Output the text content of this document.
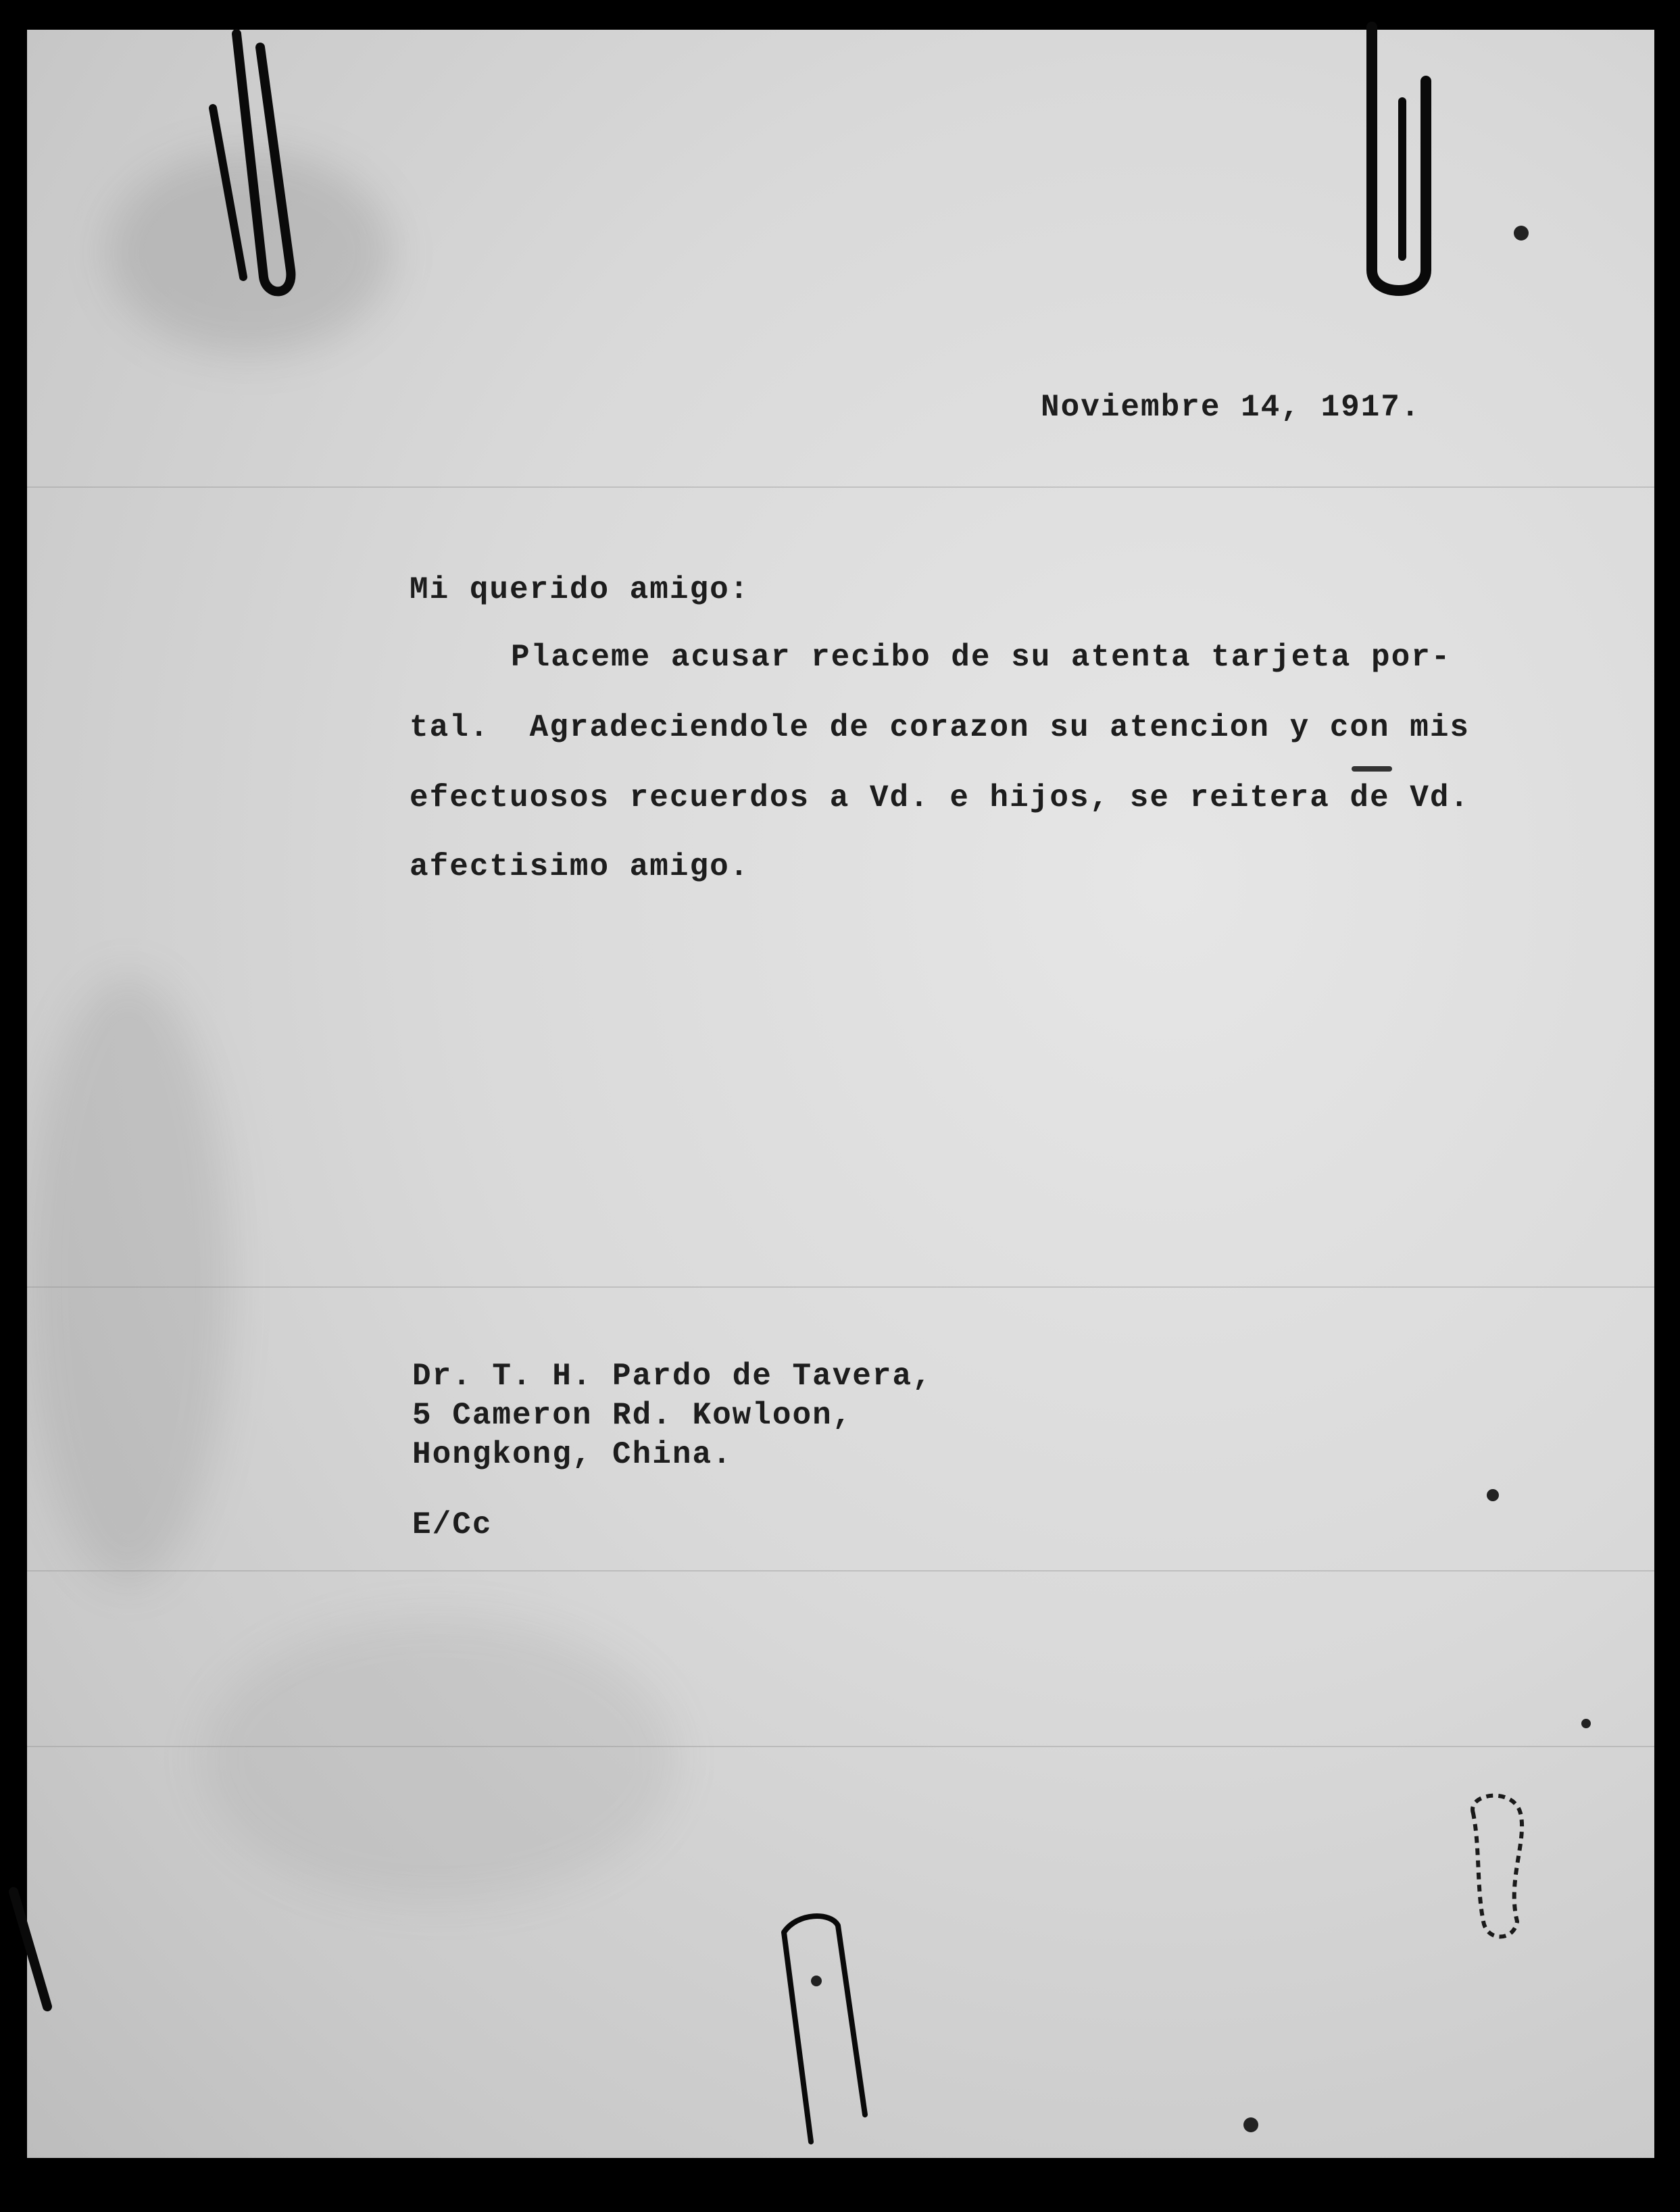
Noviembre 14, 1917.
Mi querido amigo:
Placeme acusar recibo de su atenta tarjeta por-
tal.  Agradeciendole de corazon su atencion y con mis
efectuosos recuerdos a Vd. e hijos, se reitera de Vd.
afectisimo amigo.
Dr. T. H. Pardo de Tavera,
5 Cameron Rd. Kowloon,
Hongkong, China.
E/Cc
